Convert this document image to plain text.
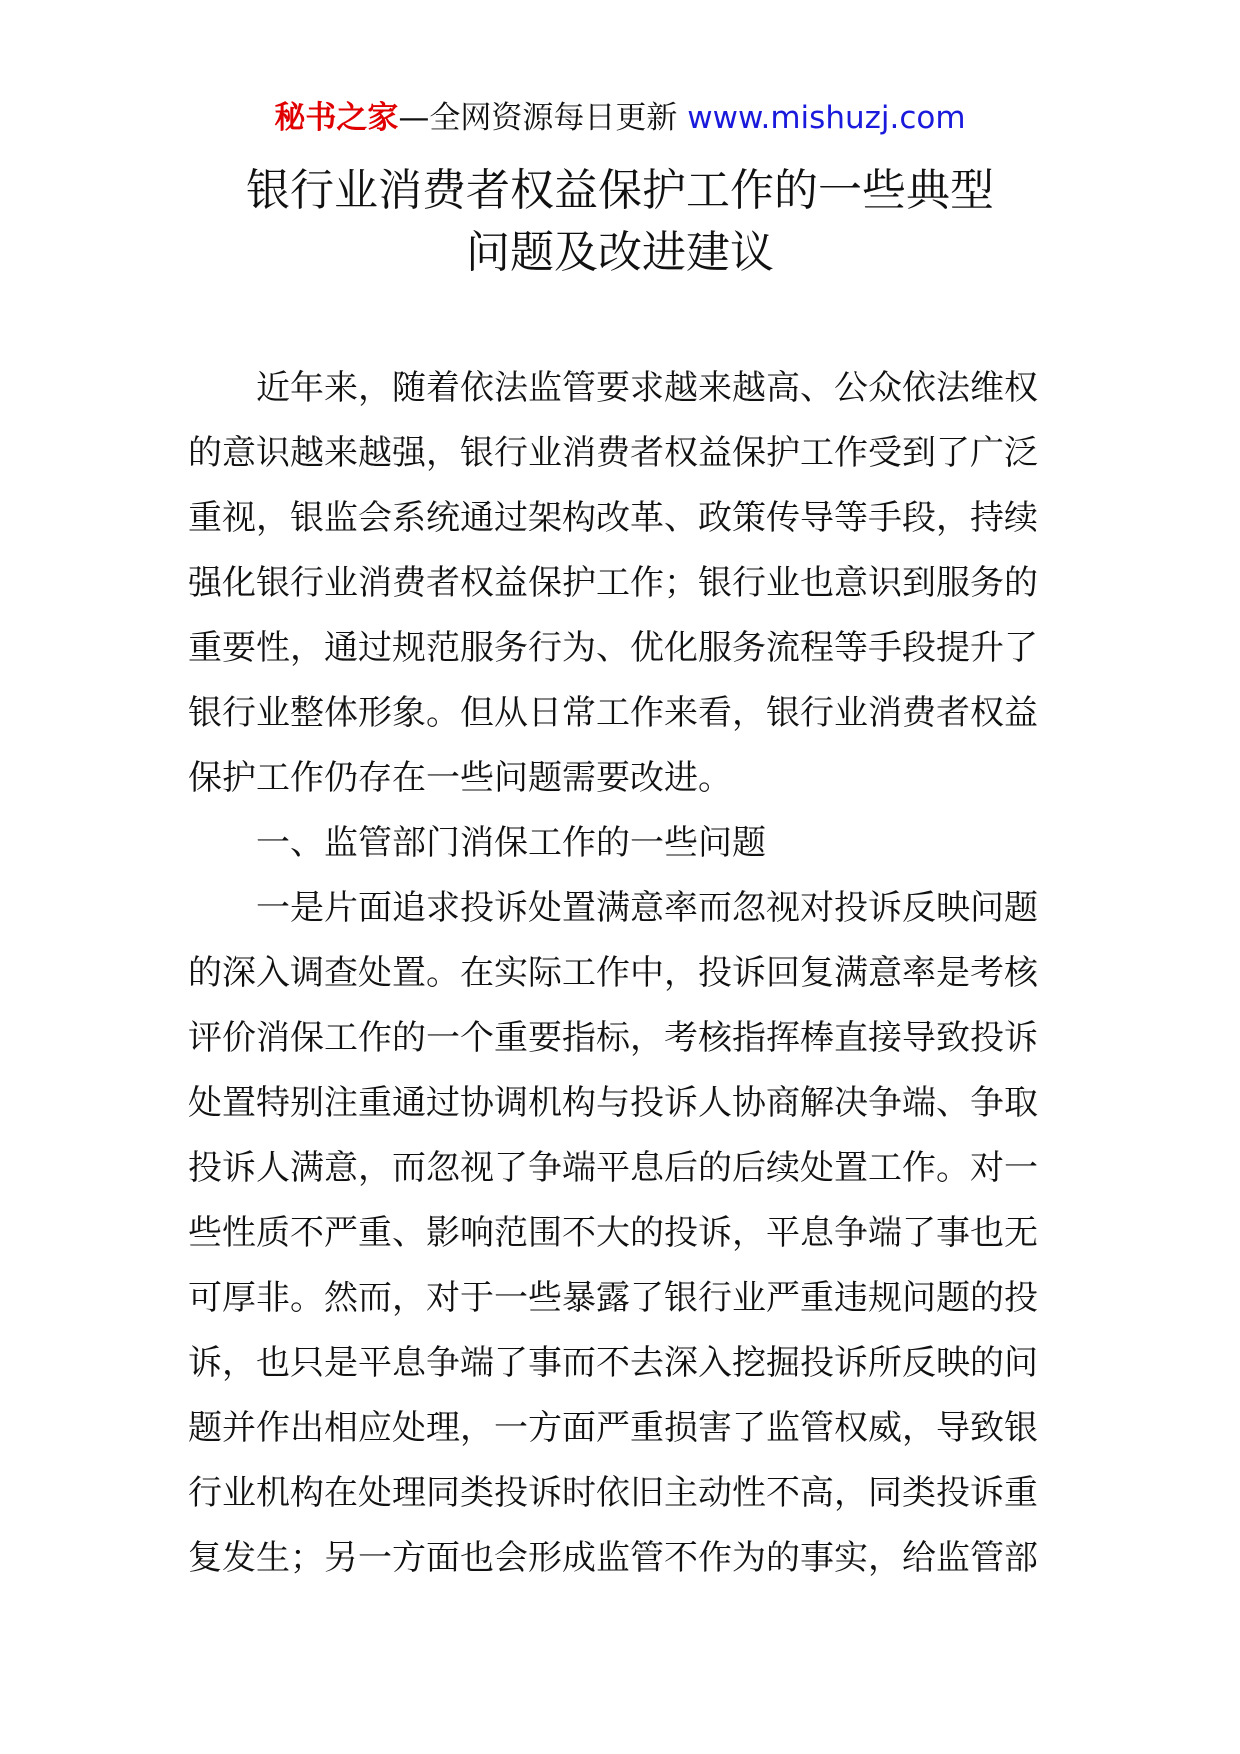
秘书之家—全网资源每日更新 www.mishuzj.com
银行业消费者权益保护工作的一些典型
问题及改进建议

近年来，随着依法监管要求越来越高、公众依法维权
的意识越来越强，银行业消费者权益保护工作受到了广泛
重视，银监会系统通过架构改革、政策传导等手段，持续
强化银行业消费者权益保护工作；银行业也意识到服务的
重要性，通过规范服务行为、优化服务流程等手段提升了
银行业整体形象。但从日常工作来看，银行业消费者权益
保护工作仍存在一些问题需要改进。

一、监管部门消保工作的一些问题

一是片面追求投诉处置满意率而忽视对投诉反映问题
的深入调查处置。在实际工作中，投诉回复满意率是考核
评价消保工作的一个重要指标，考核指挥棒直接导致投诉
处置特别注重通过协调机构与投诉人协商解决争端、争取
投诉人满意，而忽视了争端平息后的后续处置工作。对一
些性质不严重、影响范围不大的投诉，平息争端了事也无
可厚非。然而，对于一些暴露了银行业严重违规问题的投
诉，也只是平息争端了事而不去深入挖掘投诉所反映的问
题并作出相应处理，一方面严重损害了监管权威，导致银
行业机构在处理同类投诉时依旧主动性不高，同类投诉重
复发生；另一方面也会形成监管不作为的事实，给监管部
